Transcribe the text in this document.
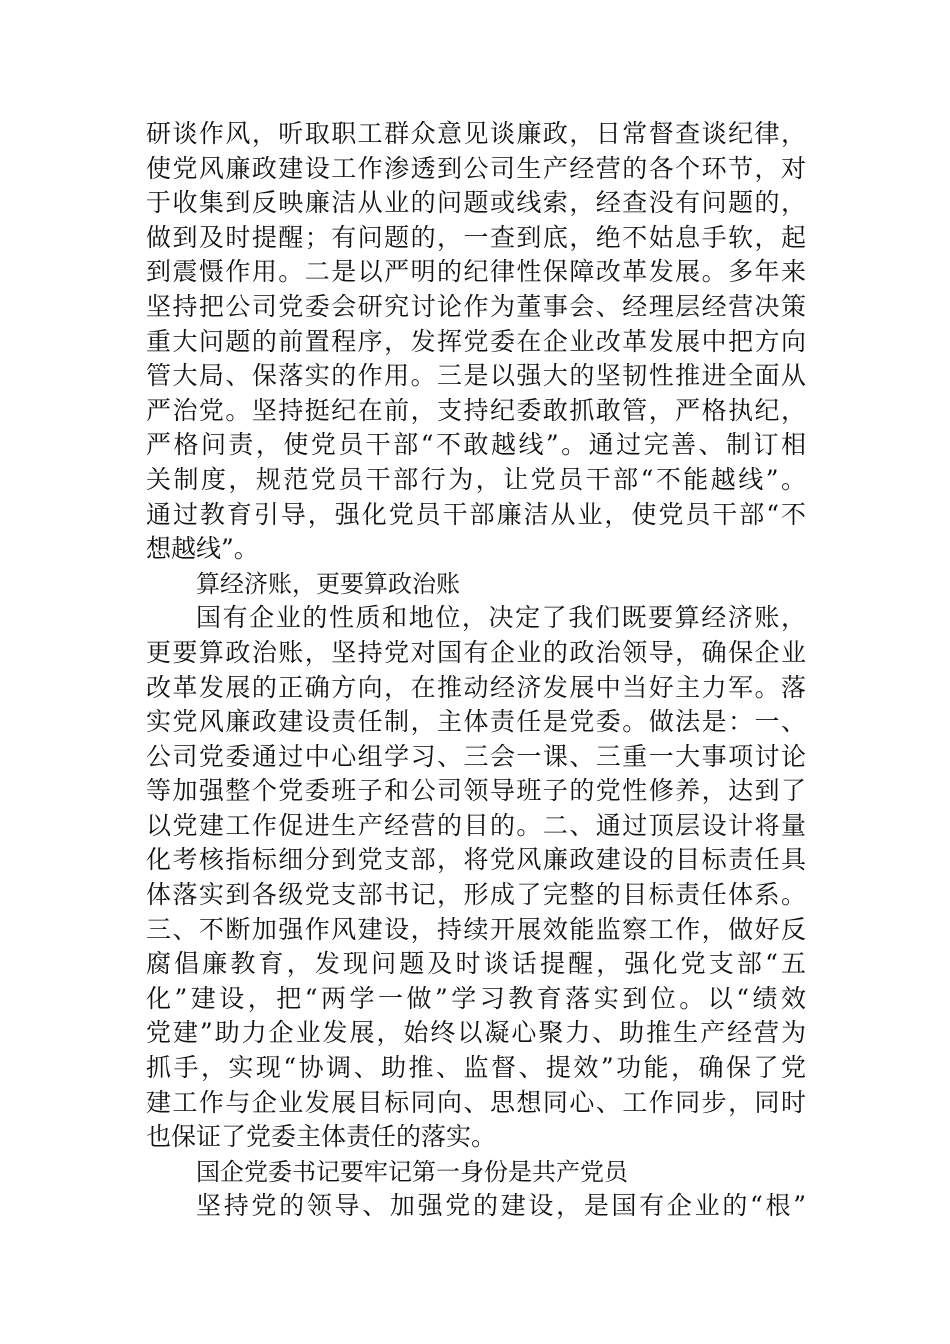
研谈作风，听取职工群众意见谈廉政，日常督查谈纪律，
使党风廉政建设工作渗透到公司生产经营的各个环节，对
于收集到反映廉洁从业的问题或线索，经查没有问题的，
做到及时提醒；有问题的，一查到底，绝不姑息手软，起
到震慑作用。二是以严明的纪律性保障改革发展。多年来
坚持把公司党委会研究讨论作为董事会、经理层经营决策
重大问题的前置程序，发挥党委在企业改革发展中把方向
管大局、保落实的作用。三是以强大的坚韧性推进全面从
严治党。坚持挺纪在前，支持纪委敢抓敢管，严格执纪，
严格问责，使党员干部“不敢越线”。通过完善、制订相
关制度，规范党员干部行为，让党员干部“不能越线”。
通过教育引导，强化党员干部廉洁从业，使党员干部“不
想越线”。
算经济账，更要算政治账
国有企业的性质和地位，决定了我们既要算经济账，
更要算政治账，坚持党对国有企业的政治领导，确保企业
改革发展的正确方向，在推动经济发展中当好主力军。落
实党风廉政建设责任制，主体责任是党委。做法是：一、
公司党委通过中心组学习、三会一课、三重一大事项讨论
等加强整个党委班子和公司领导班子的党性修养，达到了
以党建工作促进生产经营的目的。二、通过顶层设计将量
化考核指标细分到党支部，将党风廉政建设的目标责任具
体落实到各级党支部书记，形成了完整的目标责任体系。
三、不断加强作风建设，持续开展效能监察工作，做好反
腐倡廉教育，发现问题及时谈话提醒，强化党支部“五
化”建设，把“两学一做”学习教育落实到位。以“绩效
党建”助力企业发展，始终以凝心聚力、助推生产经营为
抓手，实现“协调、助推、监督、提效”功能，确保了党
建工作与企业发展目标同向、思想同心、工作同步，同时
也保证了党委主体责任的落实。
国企党委书记要牢记第一身份是共产党员
坚持党的领导、加强党的建设，是国有企业的“根”
